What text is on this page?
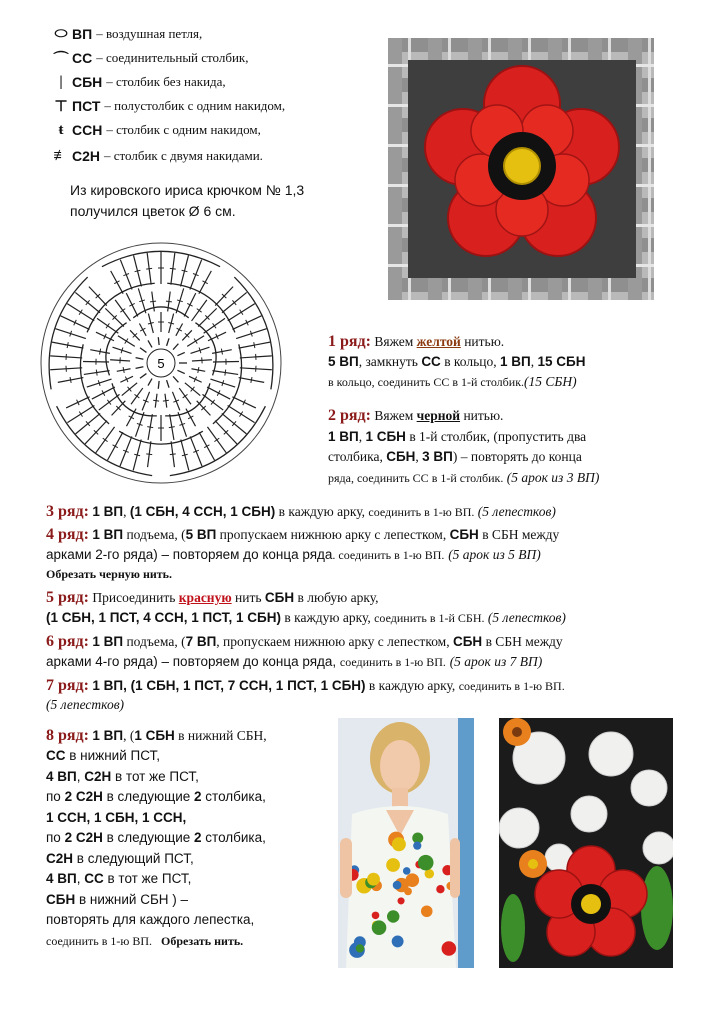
⬭ ВП – воздушная петля,
⌒ СС – соединительный столбик,
| СБН – столбик без накида,
⊤ ПСТ – полустолбик с одним накидом,
ŧ ССН – столбик с одним накидом,
≢ С2Н – столбик с двумя накидами.
Из кировского ириса крючком № 1,3
получился цветок Ø 6 см.
5
1 ряд: Вяжем желтой нитью.
5 ВП, замкнуть СС в кольцо, 1 ВП, 15 СБН
в кольцо, соединить СС в 1-й столбик.(15 СБН)
2 ряд: Вяжем черной нитью.
1 ВП, 1 СБН в 1-й столбик, (пропустить два
столбика, СБН, 3 ВП) – повторять до конца
ряда, соединить СС в 1-й столбик. (5 арок из 3 ВП)
3 ряд: 1 ВП, (1 СБН, 4 ССН, 1 СБН) в каждую арку, соединить в 1-ю ВП. (5 лепестков)
4 ряд: 1 ВП подъема, (5 ВП пропускаем нижнюю арку с лепестком, СБН в СБН между
арками 2-го ряда) – повторяем до конца ряда. соединить в 1-ю ВП. (5 арок из 5 ВП)
Обрезать черную нить.
5 ряд: Присоединить красную нить СБН в любую арку,
(1 СБН, 1 ПСТ, 4 ССН, 1 ПСТ, 1 СБН) в каждую арку, соединить в 1-й СБН. (5 лепестков)
6 ряд: 1 ВП подъема, (7 ВП, пропускаем нижнюю арку с лепестком, СБН в СБН между
арками 4-го ряда) – повторяем до конца ряда, соединить в 1-ю ВП. (5 арок из 7 ВП)
7 ряд: 1 ВП, (1 СБН, 1 ПСТ, 7 ССН, 1 ПСТ, 1 СБН) в каждую арку, соединить в 1-ю ВП.
(5 лепестков)
8 ряд: 1 ВП, (1 СБН в нижний СБН,
СС в нижний ПСТ,
4 ВП, С2Н в тот же ПСТ,
по 2 С2Н в следующие 2 столбика,
1 ССН, 1 СБН, 1 ССН,
по 2 С2Н в следующие 2 столбика,
С2Н в следующий ПСТ,
4 ВП, СС в тот же ПСТ,
СБН в нижний СБН ) –
повторять для каждого лепестка,
соединить в 1-ю ВП. Обрезать нить.
